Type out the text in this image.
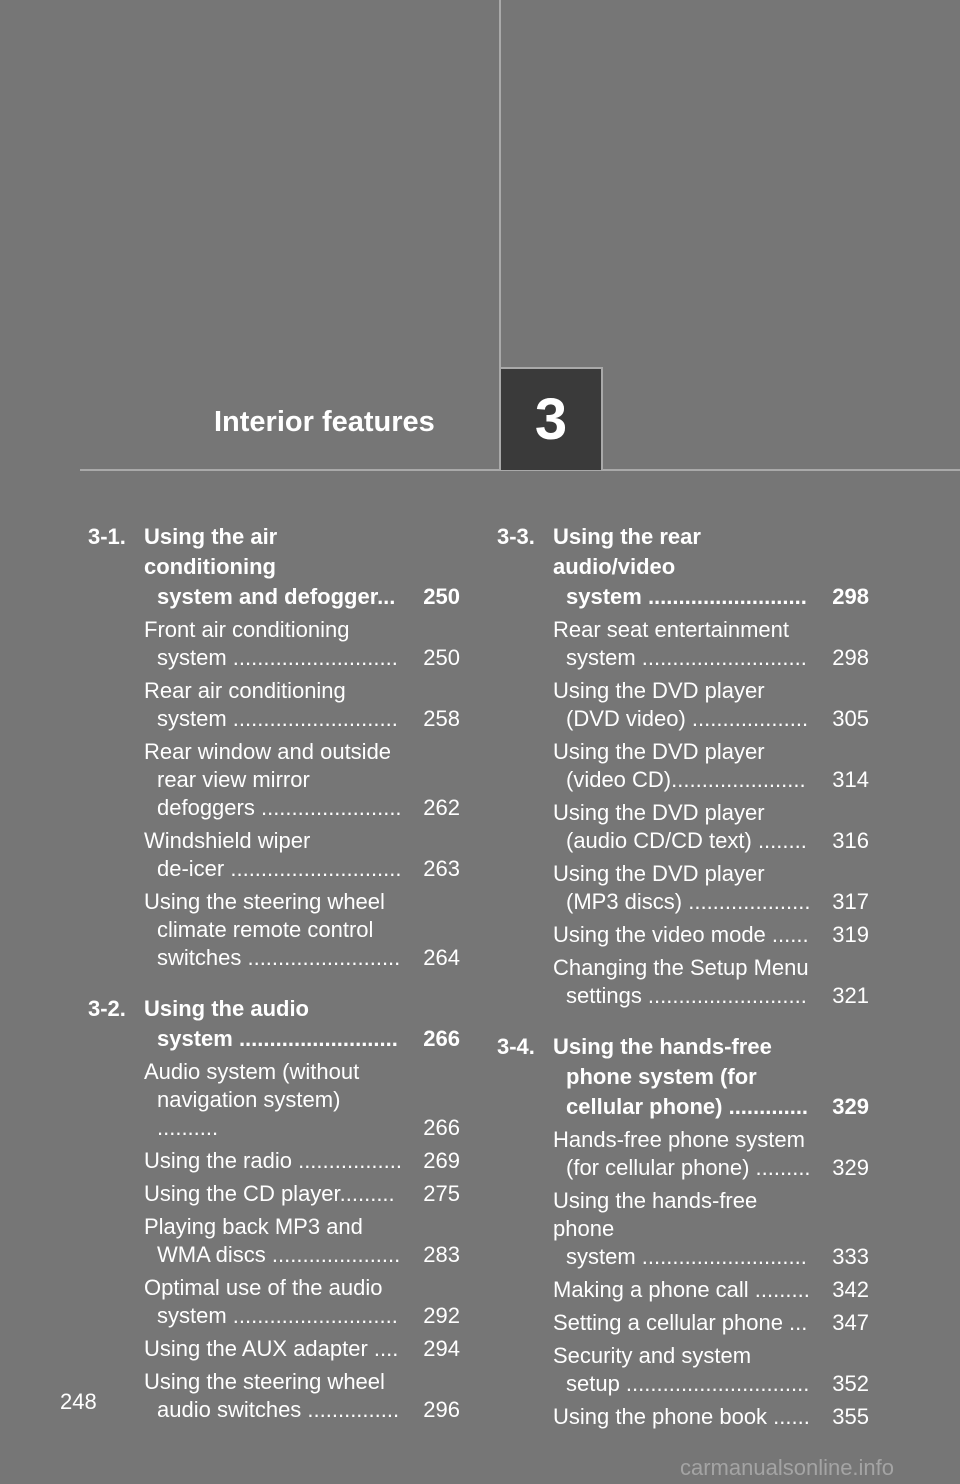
Interior features 3
3-1. Using the air conditioning
system and defogger...	250
Front air conditioning
system ........................... 250
Rear air conditioning
system ........................... 258
Rear window and outside
rear view mirror
defoggers ....................... 262
Windshield wiper
de-icer ............................ 263
Using the steering wheel
climate remote control
switches ......................... 264
3-2. Using the audio
system .......................... 266
Audio system (without
navigation system) ..........	266
Using the radio ................. 269
Using the CD player.........	275
Playing back MP3 and
WMA discs ..................... 283
Optimal use of the audio
system ........................... 292
Using the AUX adapter .... 294
Using the steering wheel
audio switches ............... 296
3-3. Using the rear audio/video
system .......................... 298
Rear seat entertainment
system ........................... 298
Using the DVD player
(DVD video) ................... 305
Using the DVD player
(video CD)......................	314
Using the DVD player
(audio CD/CD text) ........ 316
Using the DVD player
(MP3 discs) .................... 317
Using the video mode ...... 319
Changing the Setup Menu
settings .......................... 321
3-4. Using the hands-free
phone system (for
cellular phone) ............. 329
Hands-free phone system
(for cellular phone) ......... 329
Using the hands-free phone
system ........................... 333
Making a phone call ......... 342
Setting a cellular phone ... 347
Security and system
setup .............................. 352
Using the phone book ...... 355
248
carmanualsonline.info
